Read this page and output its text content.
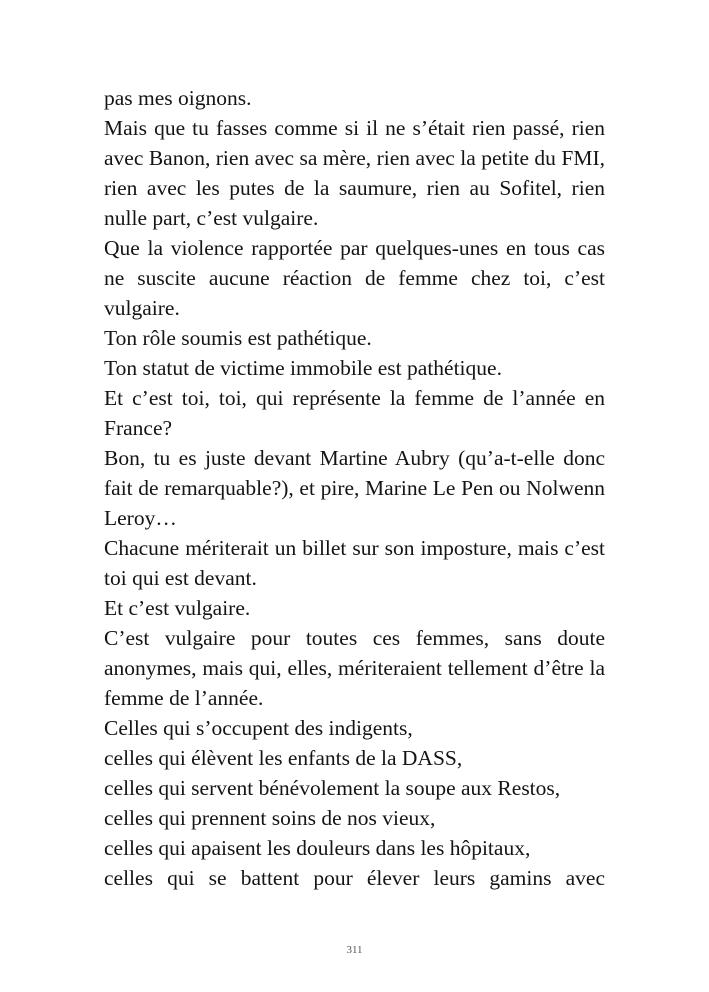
pas mes oignons.

Mais que tu fasses comme si il ne s’était rien passé, rien avec Banon, rien avec sa mère, rien avec la petite du FMI, rien avec les putes de la saumure, rien au Sofitel, rien nulle part, c’est vulgaire.

Que la violence rapportée par quelques-unes en tous cas ne suscite aucune réaction de femme chez toi, c’est vulgaire.

Ton rôle soumis est pathétique.

Ton statut de victime immobile est pathétique.

Et c’est toi, toi, qui représente la femme de l’année en France?

Bon, tu es juste devant Martine Aubry (qu’a-t-elle donc fait de remarquable?), et pire, Marine Le Pen ou Nolwenn Leroy…

Chacune mériterait un billet sur son imposture, mais c’est toi qui est devant.

Et c’est vulgaire.

C’est vulgaire pour toutes ces femmes, sans doute anonymes, mais qui, elles, mériteraient tellement d’être la femme de l’année.

Celles qui s’occupent des indigents,

celles qui élèvent les enfants de la DASS,

celles qui servent bénévolement la soupe aux Restos,

celles qui prennent soins de nos vieux,

celles qui apaisent les douleurs dans les hôpitaux,

celles qui se battent pour élever leurs gamins avec

311
